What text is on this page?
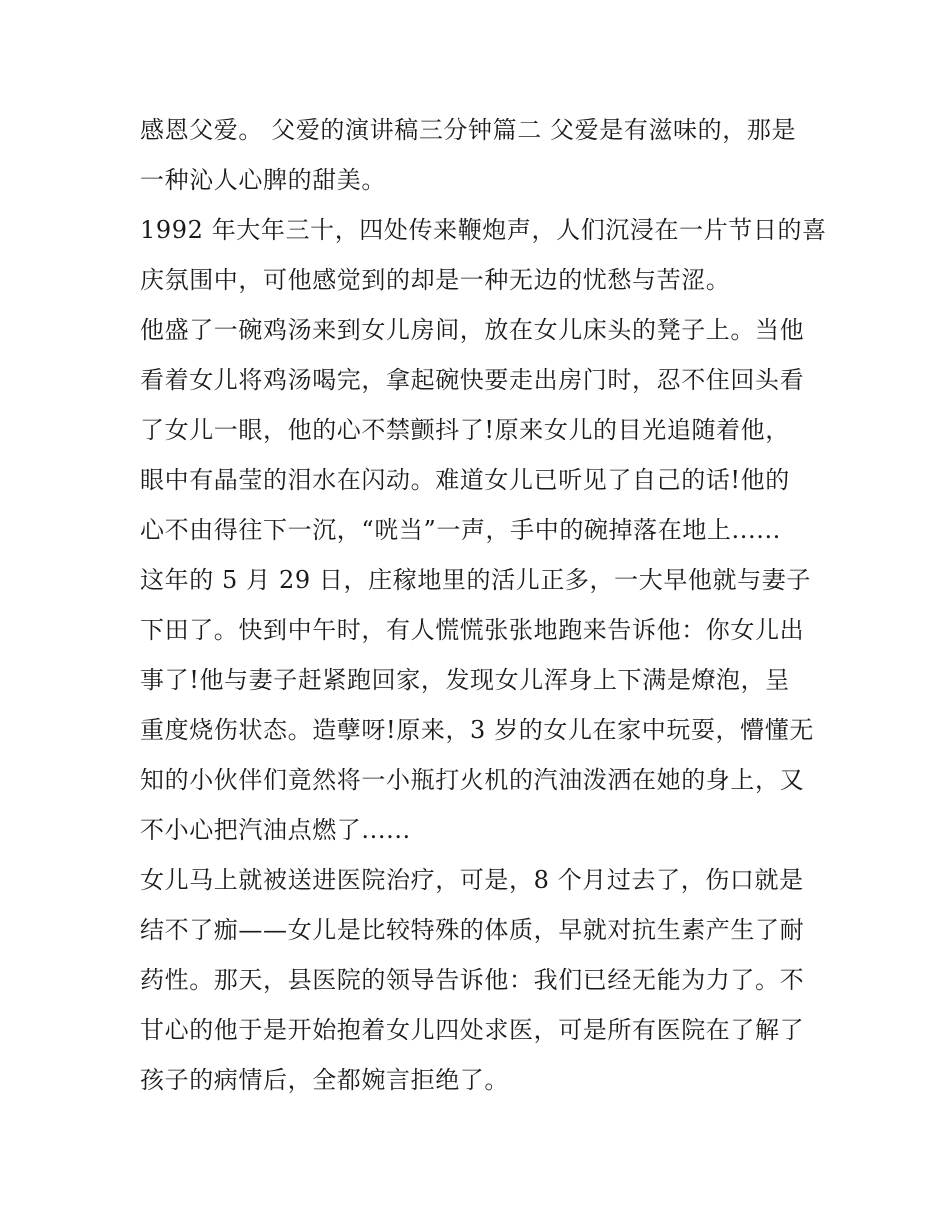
感恩父爱。 父爱的演讲稿三分钟篇二 父爱是有滋味的，那是
一种沁人心脾的甜美。
1992 年大年三十，四处传来鞭炮声，人们沉浸在一片节日的喜
庆氛围中，可他感觉到的却是一种无边的忧愁与苦涩。
他盛了一碗鸡汤来到女儿房间，放在女儿床头的凳子上。当他
看着女儿将鸡汤喝完，拿起碗快要走出房门时，忍不住回头看
了女儿一眼，他的心不禁颤抖了!原来女儿的目光追随着他，
眼中有晶莹的泪水在闪动。难道女儿已听见了自己的话!他的
心不由得往下一沉，“咣当”一声，手中的碗掉落在地上......
这年的 5 月 29 日，庄稼地里的活儿正多，一大早他就与妻子
下田了。快到中午时，有人慌慌张张地跑来告诉他：你女儿出
事了!他与妻子赶紧跑回家，发现女儿浑身上下满是燎泡，呈
重度烧伤状态。造孽呀!原来，3 岁的女儿在家中玩耍，懵懂无
知的小伙伴们竟然将一小瓶打火机的汽油泼洒在她的身上，又
不小心把汽油点燃了......
女儿马上就被送进医院治疗，可是，8 个月过去了，伤口就是
结不了痂——女儿是比较特殊的体质，早就对抗生素产生了耐
药性。那天，县医院的领导告诉他：我们已经无能为力了。不
甘心的他于是开始抱着女儿四处求医，可是所有医院在了解了
孩子的病情后，全都婉言拒绝了。
